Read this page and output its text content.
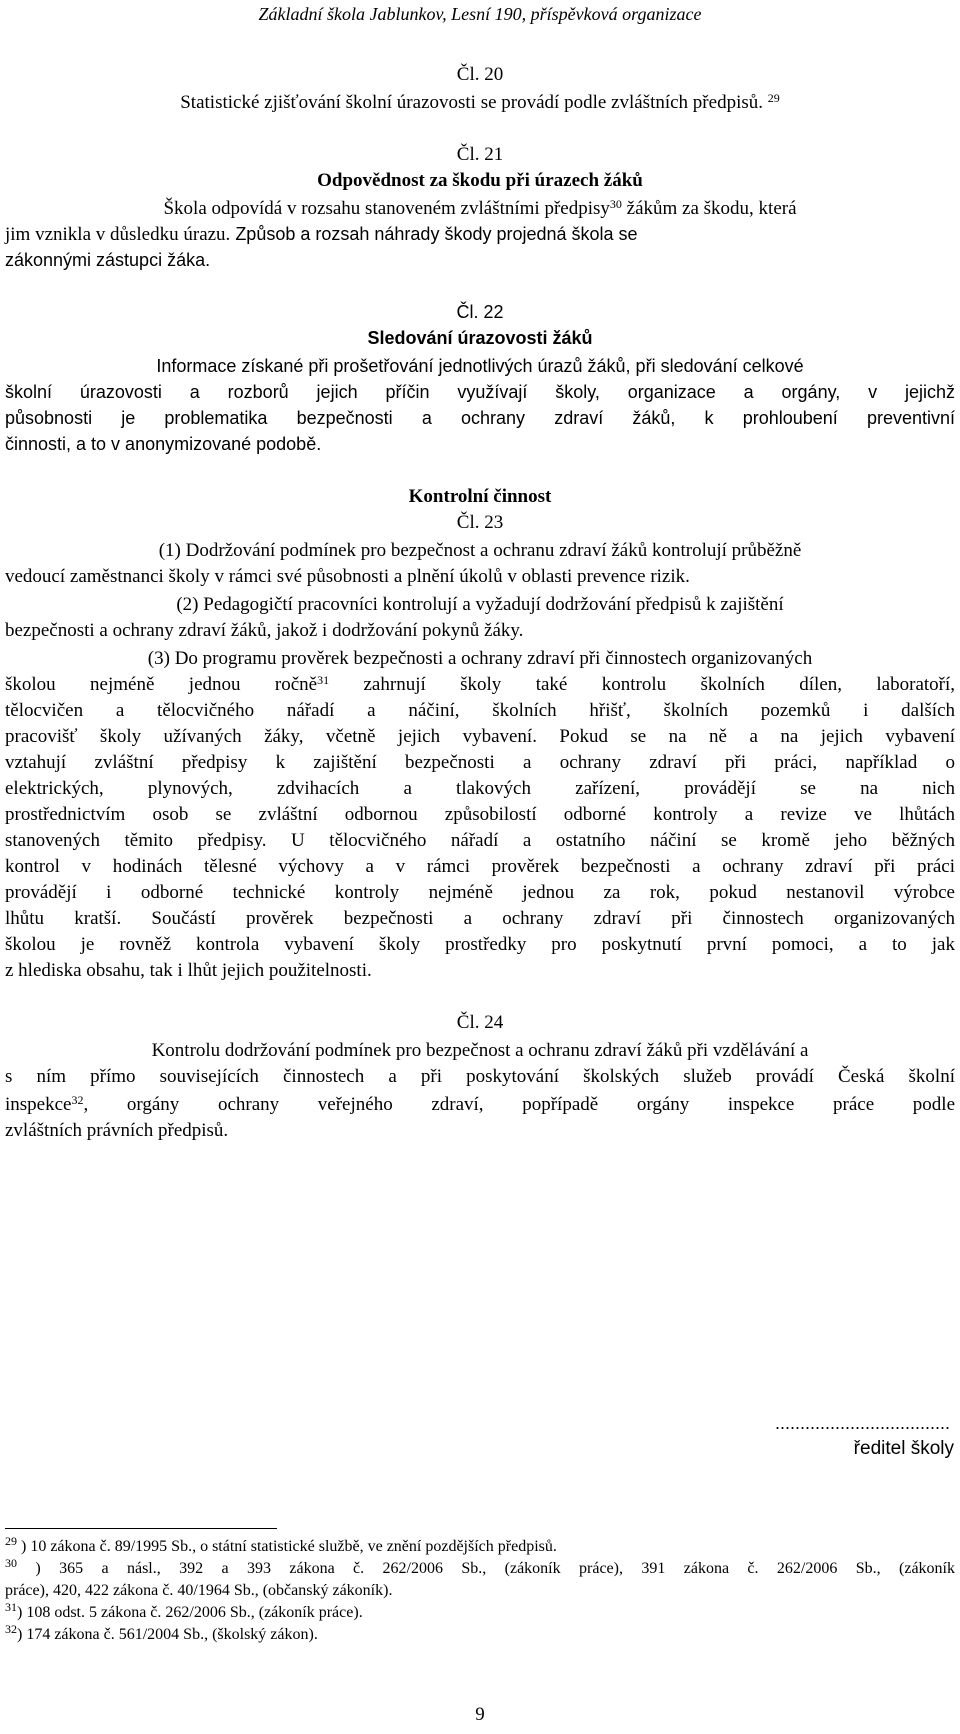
Základní škola Jablunkov, Lesní 190, příspěvková organizace
Čl. 20
Statistické zjišťování školní úrazovosti se provádí podle zvláštních předpisů. $^{29}$
Čl. 21
Odpovědnost za škodu při úrazech žáků
Škola odpovídá v rozsahu stanoveném zvláštními předpisy$^{30}$ žákům za škodu, která
jim vznikla v důsledku úrazu. Způsob a rozsah náhrady škody projedná škola se
zákonnými zástupci žáka.
Čl. 22
Sledování úrazovosti žáků
Informace získané při prošetřování jednotlivých úrazů žáků, při sledování celkové
školní úrazovosti a rozborů jejich příčin využívají školy, organizace a orgány, v jejichž
působnosti je problematika bezpečnosti a ochrany zdraví žáků, k prohloubení preventivní
činnosti, a to v anonymizované podobě.
Kontrolní činnost
Čl. 23
(1) Dodržování podmínek pro bezpečnost a ochranu zdraví žáků kontrolují průběžně
vedoucí zaměstnanci školy v rámci své působnosti a plnění úkolů v oblasti prevence rizik.
(2) Pedagogičtí pracovníci kontrolují a vyžadují dodržování předpisů k zajištění
bezpečnosti a ochrany zdraví žáků, jakož i dodržování pokynů žáky.
(3) Do programu prověrek bezpečnosti a ochrany zdraví při činnostech organizovaných
školou nejméně jednou ročně$^{31}$ zahrnují školy také kontrolu školních dílen, laboratoří,
tělocvičen a tělocvičného nářadí a náčiní, školních hřišť, školních pozemků i dalších
pracovišť školy užívaných žáky, včetně jejich vybavení. Pokud se na ně a na jejich vybavení
vztahují zvláštní předpisy k zajištění bezpečnosti a ochrany zdraví při práci, například o
elektrických, plynových, zdvihacích a tlakových zařízení, provádějí se na nich
prostřednictvím osob se zvláštní odbornou způsobilostí odborné kontroly a revize ve lhůtách
stanovených těmito předpisy. U tělocvičného nářadí a ostatního náčiní se kromě jeho běžných
kontrol v hodinách tělesné výchovy a v rámci prověrek bezpečnosti a ochrany zdraví při práci
provádějí i odborné technické kontroly nejméně jednou za rok, pokud nestanovil výrobce
lhůtu kratší. Součástí prověrek bezpečnosti a ochrany zdraví při činnostech organizovaných
školou je rovněž kontrola vybavení školy prostředky pro poskytnutí první pomoci, a to jak
z hlediska obsahu, tak i lhůt jejich použitelnosti.
Čl. 24
Kontrolu dodržování podmínek pro bezpečnost a ochranu zdraví žáků při vzdělávání a
s ním přímo souvisejících činnostech a při poskytování školských služeb provádí Česká školní
inspekce$^{32}$, orgány ochrany veřejného zdraví, popřípadě orgány inspekce práce podle
zvláštních právních předpisů.
...................................
ředitel školy
$^{29}$ ) 10 zákona č. 89/1995 Sb., o státní statistické službě, ve znění pozdějších předpisů.
$^{30}$ ) 365 a násl., 392 a 393 zákona č. 262/2006 Sb., (zákoník práce), 391 zákona č. 262/2006 Sb., (zákoník
práce), 420, 422 zákona č. 40/1964 Sb., (občanský zákoník).
$^{31}$) 108 odst. 5 zákona č. 262/2006 Sb., (zákoník práce).
$^{32}$) 174 zákona č. 561/2004 Sb., (školský zákon).
9
